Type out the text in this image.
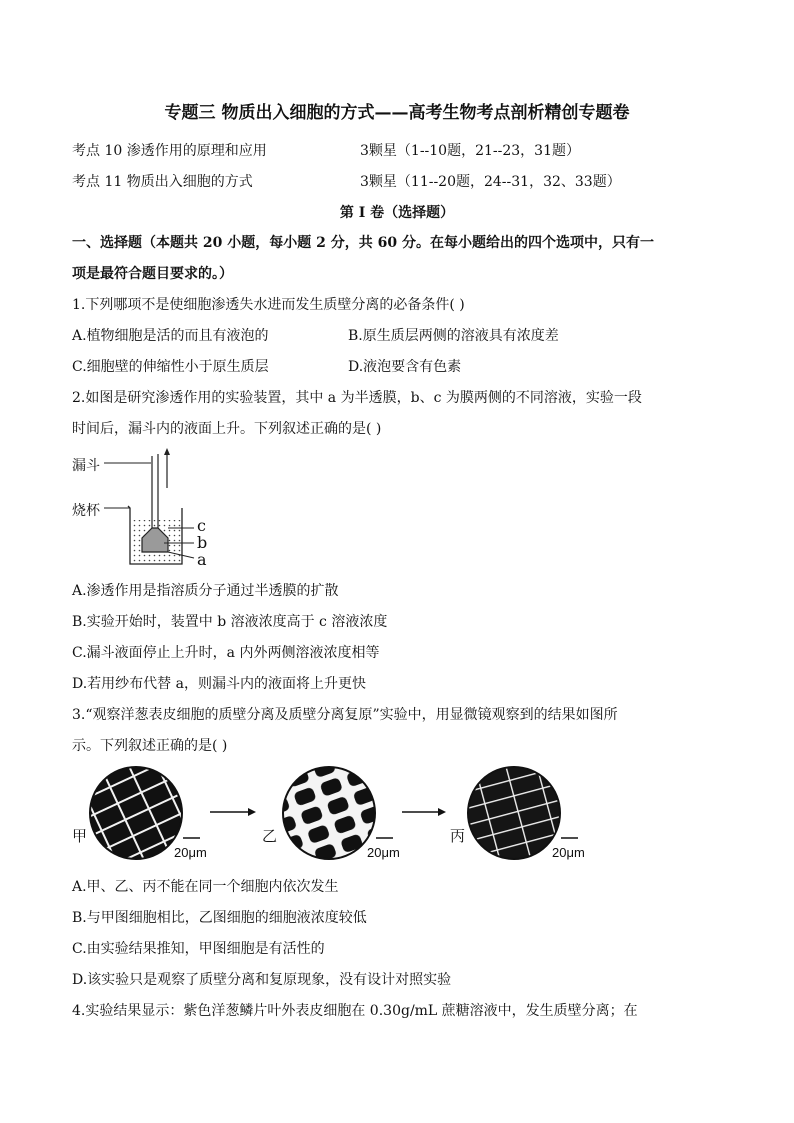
专题三 物质出入细胞的方式——高考生物考点剖析精创专题卷
考点 10 渗透作用的原理和应用	3颗星（1--10题，21--23，31题）
考点 11 物质出入细胞的方式	3颗星（11--20题，24--31，32、33题）
第 I 卷（选择题）
一、选择题（本题共 20 小题，每小题 2 分，共 60 分。在每小题给出的四个选项中，只有一
项是最符合题目要求的。）
1.下列哪项不是使细胞渗透失水进而发生质壁分离的必备条件( )
A.植物细胞是活的而且有液泡的	B.原生质层两侧的溶液具有浓度差
C.细胞壁的伸缩性小于原生质层	D.液泡要含有色素
2.如图是研究渗透作用的实验装置，其中 a 为半透膜，b、c 为膜两侧的不同溶液，实验一段
时间后，漏斗内的液面上升。下列叙述正确的是( )
漏斗
烧杯
c
b
a
A.渗透作用是指溶质分子通过半透膜的扩散
B.实验开始时，装置中 b 溶液浓度高于 c 溶液浓度
C.漏斗液面停止上升时，a 内外两侧溶液浓度相等
D.若用纱布代替 a，则漏斗内的液面将上升更快
3.“观察洋葱表皮细胞的质壁分离及质壁分离复原”实验中，用显微镜观察到的结果如图所
示。下列叙述正确的是( )
甲	乙	丙
20μm	20μm	20μm
A.甲、乙、丙不能在同一个细胞内依次发生
B.与甲图细胞相比，乙图细胞的细胞液浓度较低
C.由实验结果推知，甲图细胞是有活性的
D.该实验只是观察了质壁分离和复原现象，没有设计对照实验
4.实验结果显示：紫色洋葱鳞片叶外表皮细胞在 0.30g/mL 蔗糖溶液中，发生质壁分离；在
